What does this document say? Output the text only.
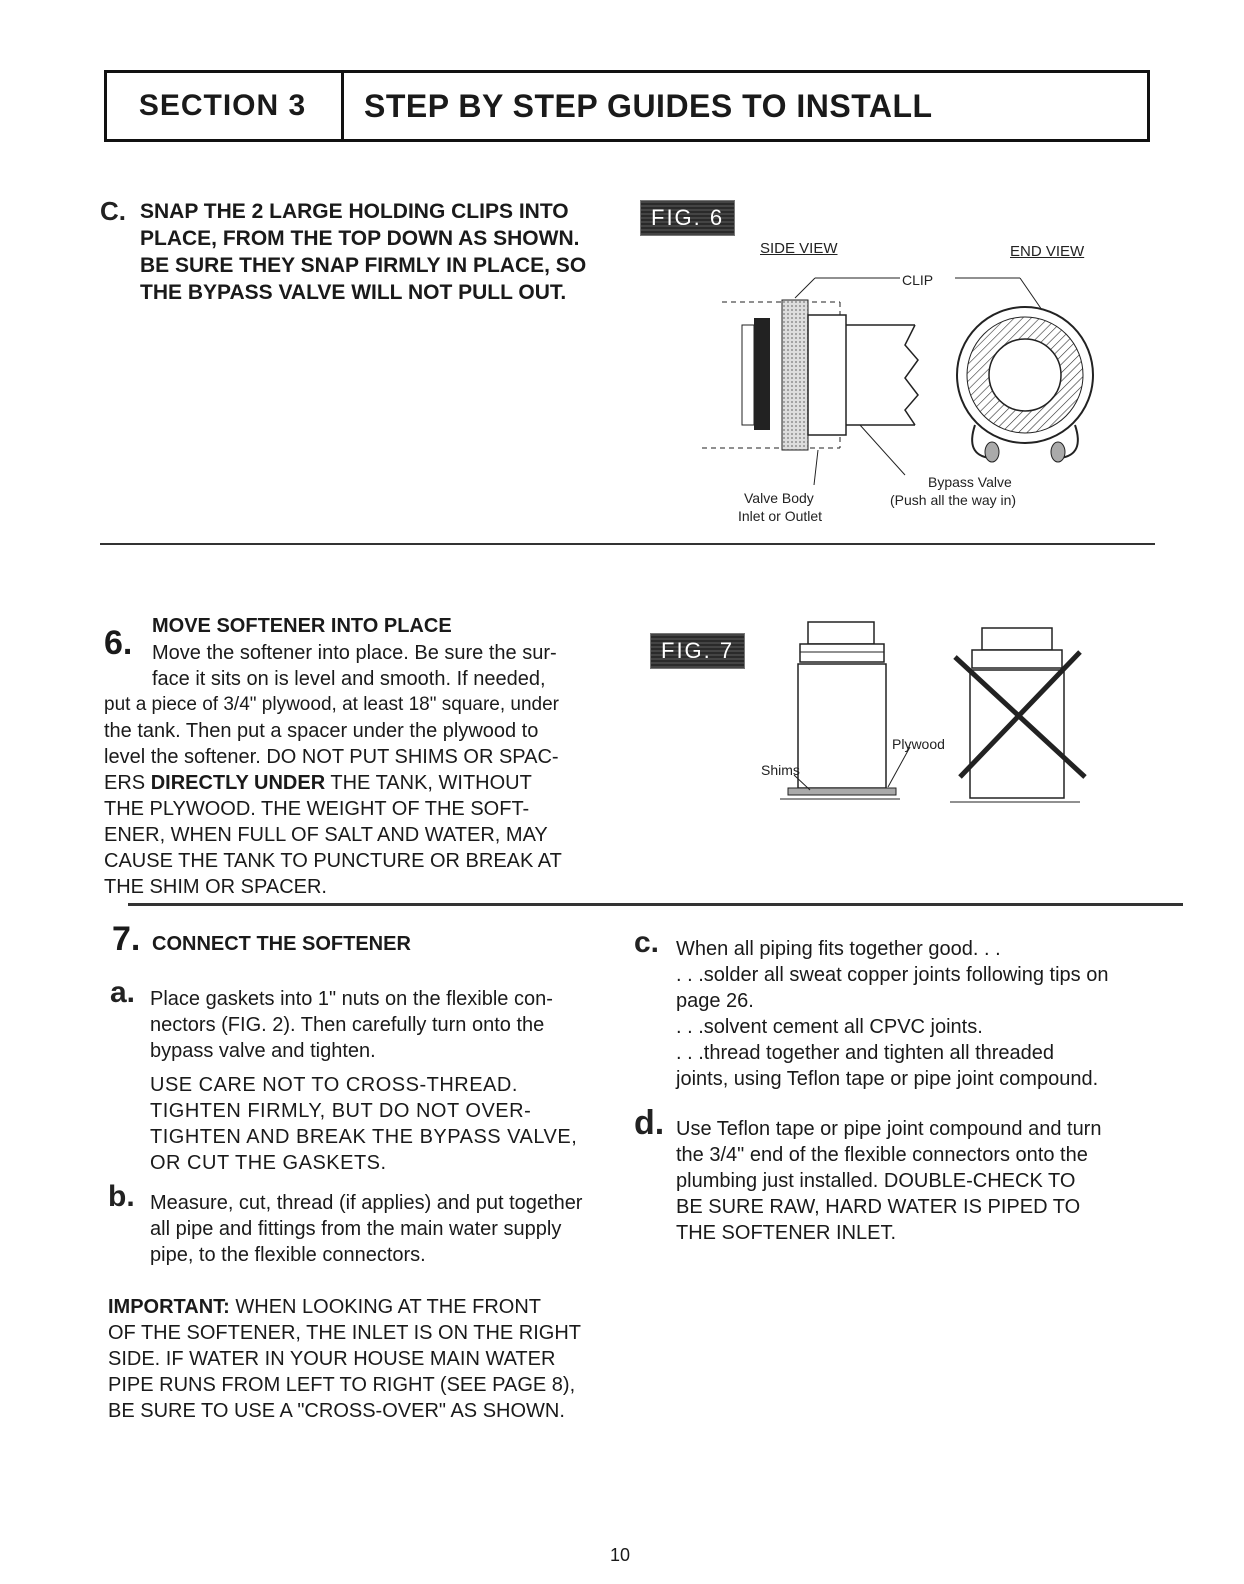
SECTION 3	STEP BY STEP GUIDES TO INSTALL
C. SNAP THE 2 LARGE HOLDING CLIPS INTO
PLACE, FROM THE TOP DOWN AS SHOWN.
BE SURE THEY SNAP FIRMLY IN PLACE, SO
THE BYPASS VALVE WILL NOT PULL OUT.
FIG. 6
SIDE VIEW	END VIEW
CLIP
Bypass Valve
(Push all the way in)
Valve Body
Inlet or Outlet
6. MOVE SOFTENER INTO PLACE
Move the softener into place. Be sure the sur-
face it sits on is level and smooth. If needed,
put a piece of 3/4" plywood, at least 18" square, under
the tank. Then put a spacer under the plywood to
level the softener. DO NOT PUT SHIMS OR SPAC-
ERS DIRECTLY UNDER THE TANK, WITHOUT
THE PLYWOOD. THE WEIGHT OF THE SOFT-
ENER, WHEN FULL OF SALT AND WATER, MAY
CAUSE THE TANK TO PUNCTURE OR BREAK AT
THE SHIM OR SPACER.
FIG. 7
Plywood
Shims
7. CONNECT THE SOFTENER
a. Place gaskets into 1" nuts on the flexible con-
nectors (FIG. 2). Then carefully turn onto the
bypass valve and tighten.
USE CARE NOT TO CROSS-THREAD.
TIGHTEN FIRMLY, BUT DO NOT OVER-
TIGHTEN AND BREAK THE BYPASS VALVE,
OR CUT THE GASKETS.
b. Measure, cut, thread (if applies) and put together
all pipe and fittings from the main water supply
pipe, to the flexible connectors.
IMPORTANT: WHEN LOOKING AT THE FRONT
OF THE SOFTENER, THE INLET IS ON THE RIGHT
SIDE. IF WATER IN YOUR HOUSE MAIN WATER
PIPE RUNS FROM LEFT TO RIGHT (SEE PAGE 8),
BE SURE TO USE A "CROSS-OVER" AS SHOWN.
c. When all piping fits together good. . .
. . .solder all sweat copper joints following tips on
page 26.
. . .solvent cement all CPVC joints.
. . .thread together and tighten all threaded
joints, using Teflon tape or pipe joint compound.
d. Use Teflon tape or pipe joint compound and turn
the 3/4" end of the flexible connectors onto the
plumbing just installed. DOUBLE-CHECK TO
BE SURE RAW, HARD WATER IS PIPED TO
THE SOFTENER INLET.
10
